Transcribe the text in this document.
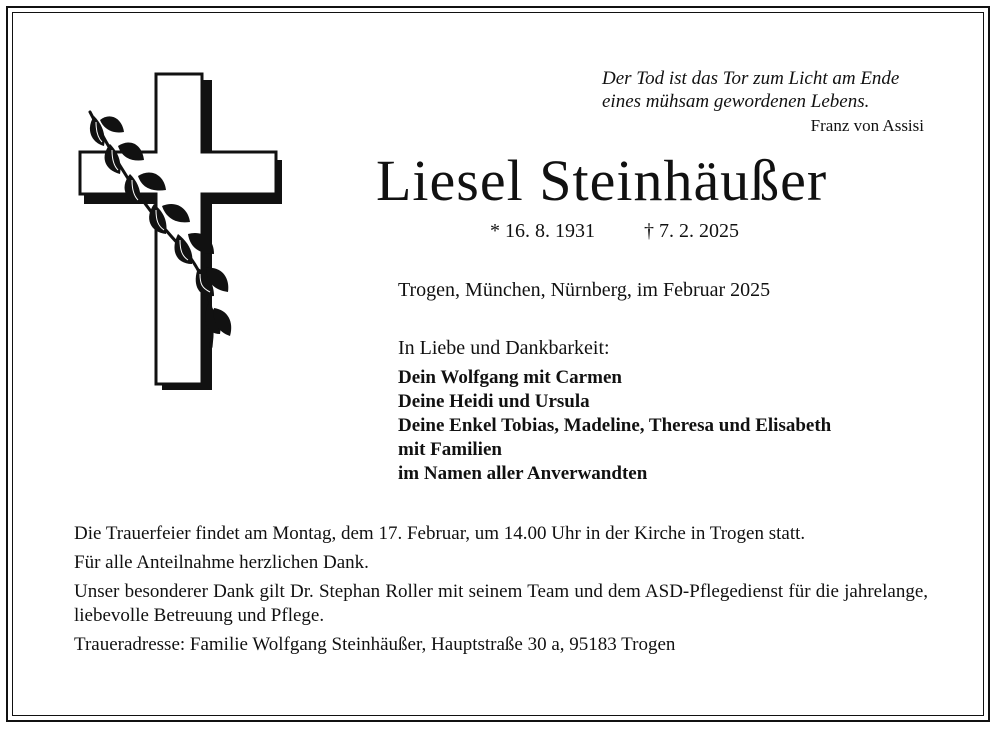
Der Tod ist das Tor zum Licht am Ende
eines mühsam gewordenen Lebens.
Franz von Assisi
Liesel Steinhäußer
* 16. 8. 1931 † 7. 2. 2025
Trogen, München, Nürnberg, im Februar 2025
In Liebe und Dankbarkeit:
Dein Wolfgang mit Carmen
Deine Heidi und Ursula
Deine Enkel Tobias, Madeline, Theresa und Elisabeth
mit Familien
im Namen aller Anverwandten

Die Trauerfeier findet am Montag, dem 17. Februar, um 14.00 Uhr in der Kirche in Trogen statt.

Für alle Anteilnahme herzlichen Dank.

Unser besonderer Dank gilt Dr. Stephan Roller mit seinem Team und dem ASD-Pflegedienst für die jahrelange, liebevolle Betreuung und Pflege.

Traueradresse: Familie Wolfgang Steinhäußer, Hauptstraße 30 a, 95183 Trogen
